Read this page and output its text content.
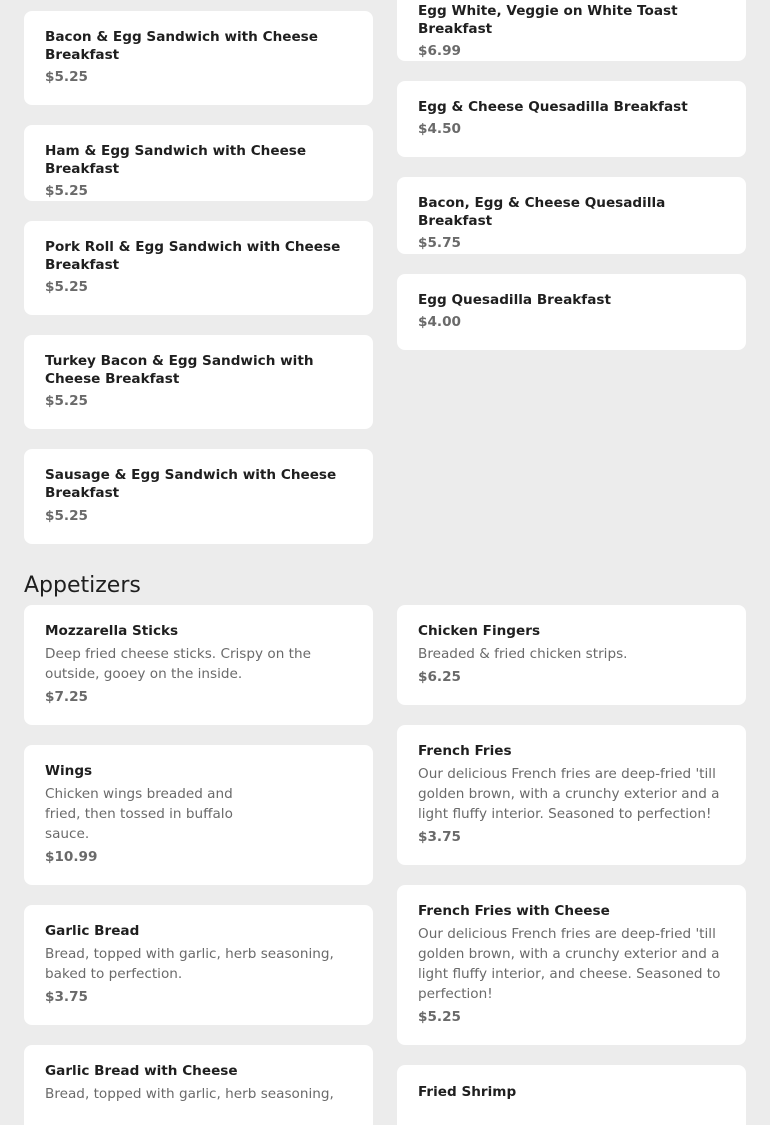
Bacon & Egg Sandwich with Cheese Breakfast
$5.25
Ham & Egg Sandwich with Cheese Breakfast
$5.25
Pork Roll & Egg Sandwich with Cheese Breakfast
$5.25
Turkey Bacon & Egg Sandwich with Cheese Breakfast
$5.25
Sausage & Egg Sandwich with Cheese Breakfast
$5.25
Egg White, Veggie on White Toast Breakfast
$6.99
Egg & Cheese Quesadilla Breakfast
$4.50
Bacon, Egg & Cheese Quesadilla Breakfast
$5.75
Egg Quesadilla Breakfast
$4.00
Appetizers
Mozzarella Sticks
Deep fried cheese sticks. Crispy on the outside, gooey on the inside.
$7.25
Wings
Chicken wings breaded and fried, then tossed in buffalo sauce.
$10.99
Garlic Bread
Bread, topped with garlic, herb seasoning, baked to perfection.
$3.75
Garlic Bread with Cheese
Bread, topped with garlic, herb seasoning,
Chicken Fingers
Breaded & fried chicken strips.
$6.25
French Fries
Our delicious French fries are deep-fried 'till golden brown, with a crunchy exterior and a light fluffy interior. Seasoned to perfection!
$3.75
French Fries with Cheese
Our delicious French fries are deep-fried 'till golden brown, with a crunchy exterior and a light fluffy interior, and cheese. Seasoned to perfection!
$5.25
Fried Shrimp
